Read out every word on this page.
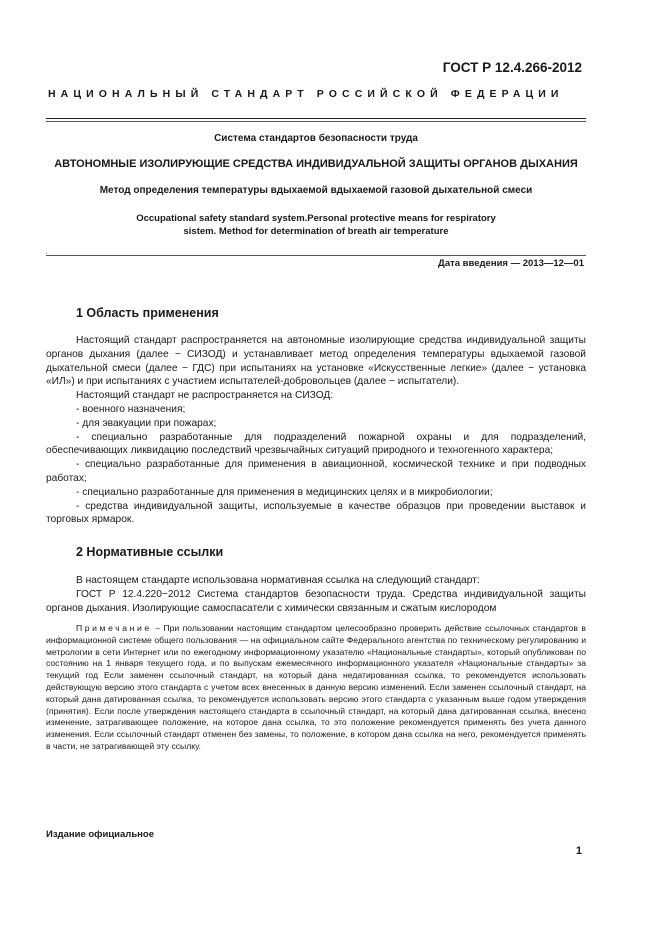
ГОСТ Р 12.4.266-2012
НАЦИОНАЛЬНЫЙ СТАНДАРТ РОССИЙСКОЙ ФЕДЕРАЦИИ
Система стандартов безопасности труда
АВТОНОМНЫЕ ИЗОЛИРУЮЩИЕ СРЕДСТВА ИНДИВИДУАЛЬНОЙ ЗАЩИТЫ ОРГАНОВ ДЫХАНИЯ
Метод определения температуры вдыхаемой вдыхаемой газовой дыхательной смеси
Occupational safety standard system.Personal protective means for respiratory
sistem. Method for determination of breath air temperature
.
Дата введения — 2013—12—01
1 Область применения

Настоящий стандарт распространяется на автономные изолирующие средства индивидуальной защиты органов дыхания (далее − СИЗОД) и устанавливает метод определения температуры вдыхаемой газовой дыхательной смеси (далее − ГДС) при испытаниях на установке «Искусственные легкие» (далее − установка «ИЛ») и при испытаниях с участием испытателей-добровольцев (далее − испытатели).

Настоящий стандарт не распространяется на СИЗОД:

- военного назначения;

- для эвакуации при пожарах;

- специально разработанные для подразделений пожарной охраны и для подразделений, обеспечивающих ликвидацию последствий чрезвычайных ситуаций природного и техногенного характера;

- специально разработанные для применения в авиационной, космической технике и при подводных работах;

- специально разработанные для применения в медицинских целях и в микробиологии;

- средства индивидуальной защиты, используемые в качестве образцов при проведении выставок и торговых ярмарок.

2 Нормативные ссылки

В настоящем стандарте использована нормативная ссылка на следующий стандарт:

ГОСТ Р 12.4.220−2012 Система стандартов безопасности труда. Средства индивидуальной защиты органов дыхания. Изолирующие самоспасатели с химически связанным и сжатым кислородом

Примечание – При пользовании настоящим стандартом целесообразно проверить действие ссылочных стандартов в информационной системе общего пользования — на официальном сайте Федерального агентства по техническому регулированию и метрологии в сети Интернет или по ежегодному информационному указателю «Национальные стандарты», который опубликован по состоянию на 1 января текущего года, и по выпускам ежемесячного информационного указателя «Национальные стандарты» за текущий год Если заменен ссылочный стандарт, на который дана недатированная ссылка, то рекомендуется использовать действующую версию этого стандарта с учетом всех внесенных в данную версию изменений. Если заменен ссылочный стандарт, на который дана датированная ссылка, то рекомендуется использовать версию этого стандарта с указанным выше годом утверждения (принятия). Если после утверждения настоящего стандарта в ссылочный стандарт, на который дана датированная ссылка, внесено изменение, затрагивающее положение, на которое дана ссылка, то это положение рекомендуется применять без учета данного изменения. Если ссылочный стандарт отменен без замены, то положение, в котором дана ссылка на него, рекомендуется применять в части, не затрагивающей эту ссылку.
Издание официальное
1
